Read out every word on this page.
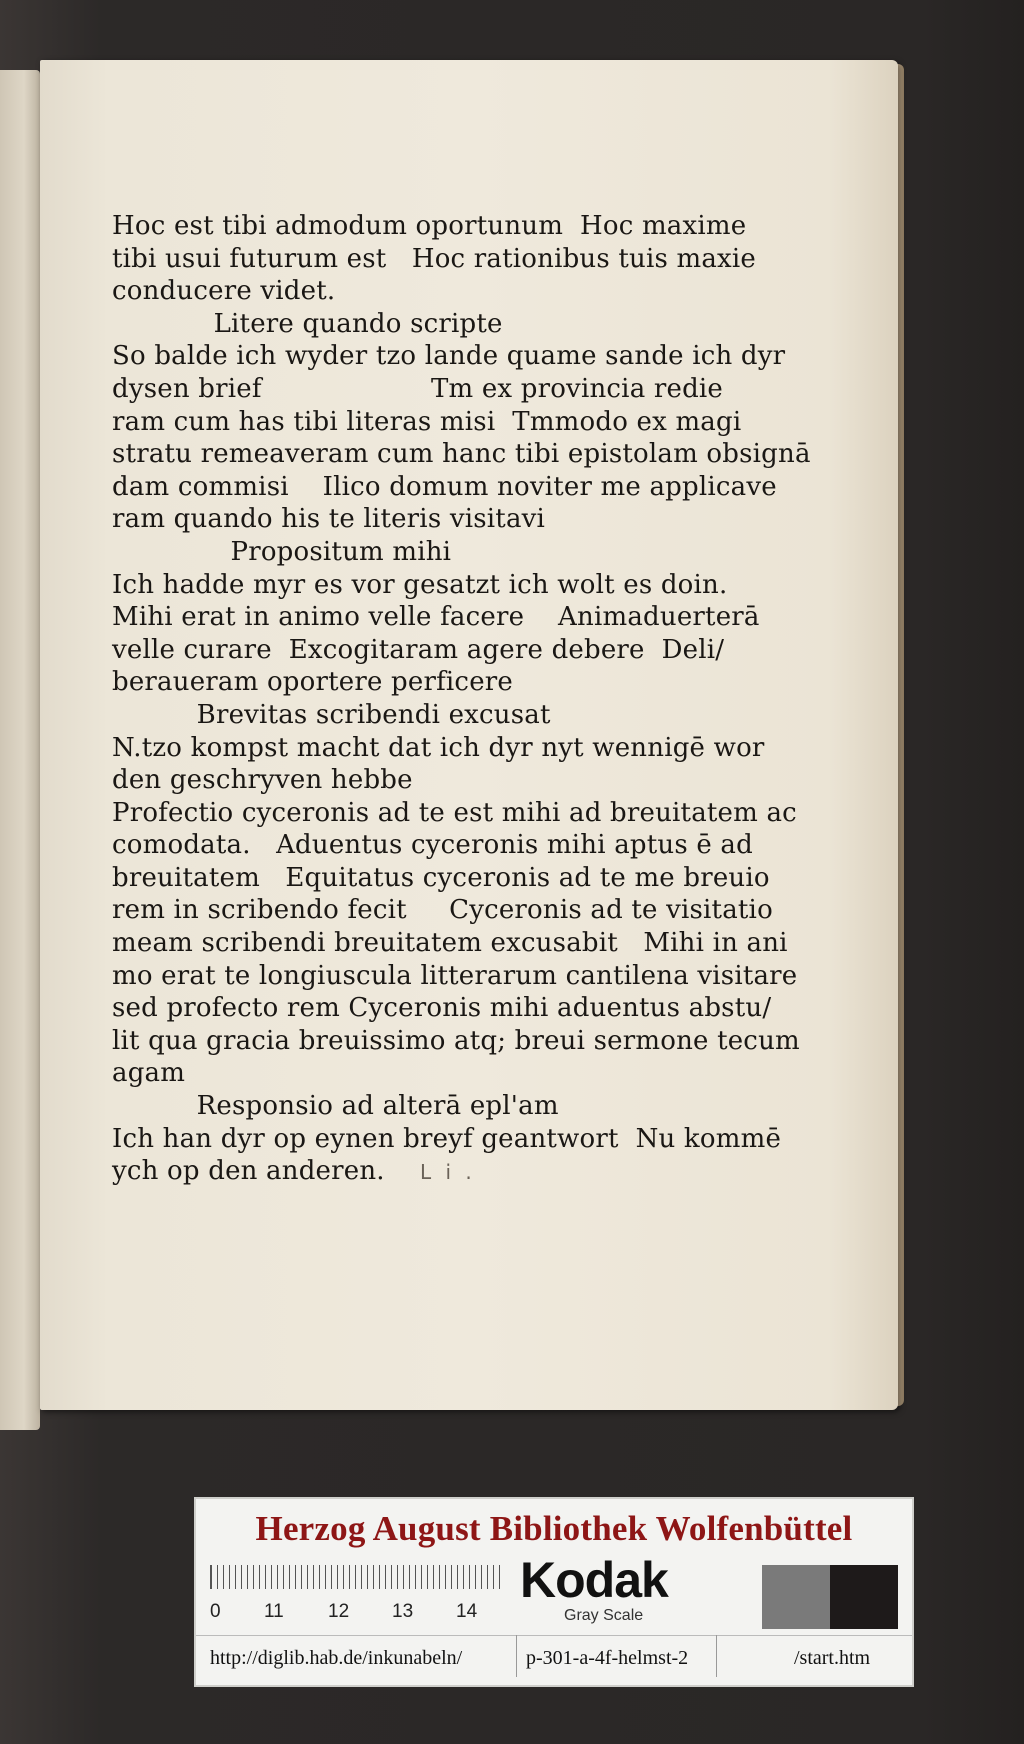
Hoc est tibi admodum oportunum  Hoc maxime
tibi usui futurum est   Hoc rationibus tuis maxie
conducere videt.
Litere quando scripte
So balde ich wyder tzo lande quame sande ich dyr
dysen brief                    Tm ex provincia redie
ram cum has tibi literas misi  Tmmodo ex magi
stratu remeaveram cum hanc tibi epistolam obsignā
dam commisi    Ilico domum noviter me applicave
ram quando his te literis visitavi
Propositum mihi
Ich hadde myr es vor gesatzt ich wolt es doin.
Mihi erat in animo velle facere    Animaduerterā
velle curare  Excogitaram agere debere  Deli/
beraueram oportere perficere
Brevitas scribendi excusat
N.tzo kompst macht dat ich dyr nyt wennigē wor
den geschryven hebbe
Profectio cyceronis ad te est mihi ad breuitatem ac
comodata.   Aduentus cyceronis mihi aptus ē ad
breuitatem   Equitatus cyceronis ad te me breuio
rem in scribendo fecit     Cyceronis ad te visitatio
meam scribendi breuitatem excusabit   Mihi in ani
mo erat te longiuscula litterarum cantilena visitare
sed profecto rem Cyceronis mihi aduentus abstu/
lit qua gracia breuissimo atq; breui sermone tecum
agam
Responsio ad alterā epl'am
Ich han dyr op eynen breyf geantwort  Nu kommē
ych op den anderen.	L i .
Herzog August Bibliothek Wolfenbüttel
0 11 12 13 14
Kodak
Gray Scale
http://diglib.hab.de/inkunabeln/	p-301-a-4f-helmst-2	/start.htm
